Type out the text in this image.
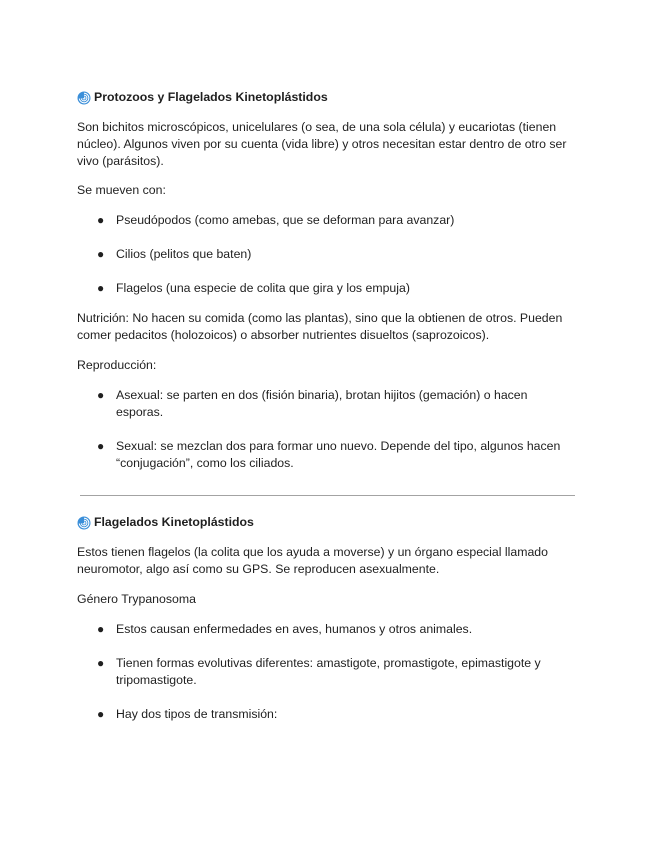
Protozoos y Flagelados Kinetoplástidos
Son bichitos microscópicos, unicelulares (o sea, de una sola célula) y eucariotas (tienen núcleo). Algunos viven por su cuenta (vida libre) y otros necesitan estar dentro de otro ser vivo (parásitos).
Se mueven con:
● Pseudópodos (como amebas, que se deforman para avanzar)
● Cilios (pelitos que baten)
● Flagelos (una especie de colita que gira y los empuja)
Nutrición: No hacen su comida (como las plantas), sino que la obtienen de otros. Pueden comer pedacitos (holozoicos) o absorber nutrientes disueltos (saprozoicos).
Reproducción:
● Asexual: se parten en dos (fisión binaria), brotan hijitos (gemación) o hacen esporas.
● Sexual: se mezclan dos para formar uno nuevo. Depende del tipo, algunos hacen “conjugación”, como los ciliados.
Flagelados Kinetoplástidos
Estos tienen flagelos (la colita que los ayuda a moverse) y un órgano especial llamado neuromotor, algo así como su GPS. Se reproducen asexualmente.
Género Trypanosoma
● Estos causan enfermedades en aves, humanos y otros animales.
● Tienen formas evolutivas diferentes: amastigote, promastigote, epimastigote y tripomastigote.
● Hay dos tipos de transmisión:
